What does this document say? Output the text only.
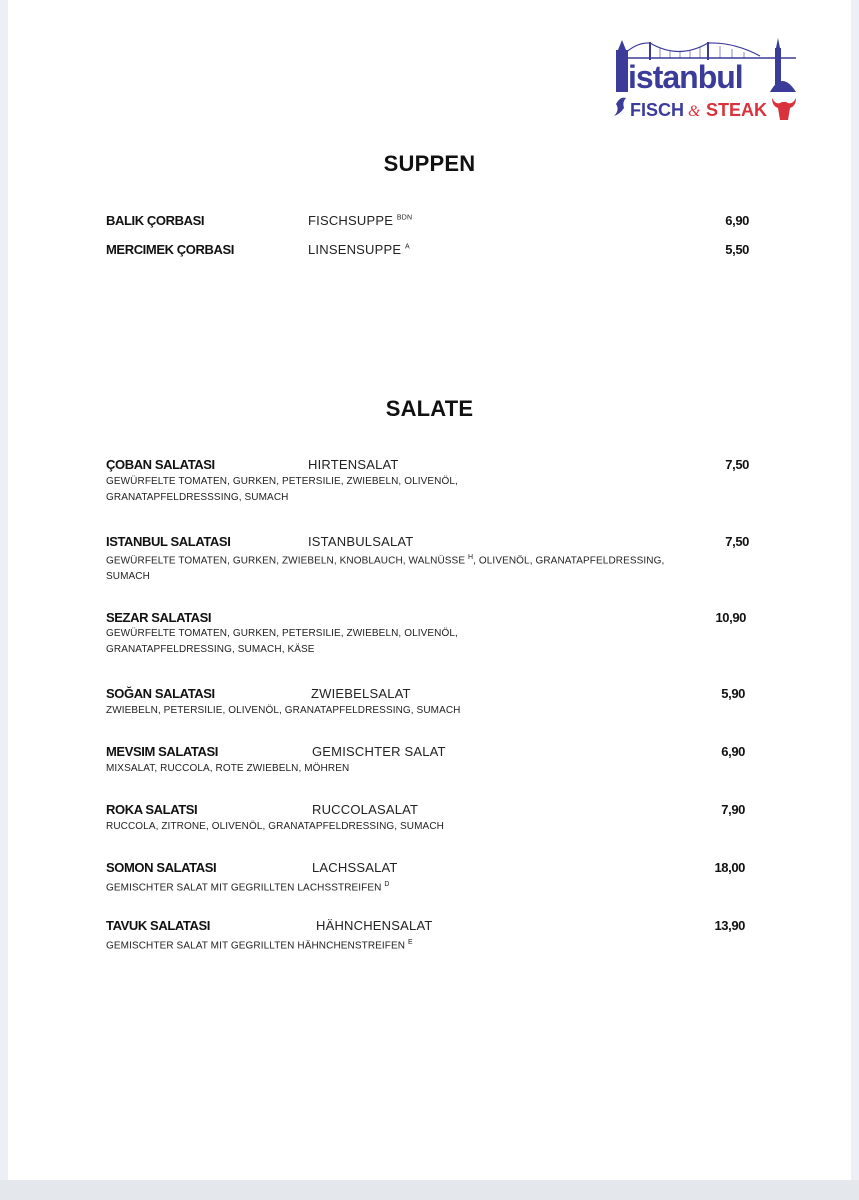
istanbul
FISCH & STEAK
SUPPEN
BALIK ÇORBASI	FISCHSUPPE $^{BDN}$	6,90
MERCIMEK ÇORBASI	LINSENSUPPE $^A$	5,50
SALATE
ÇOBAN SALATASI	HIRTENSALAT	7,50
GEWÜRFELTE TOMATEN, GURKEN, PETERSILIE, ZWIEBELN, OLIVENÖL,
GRANATAPFELDRESSSING, SUMACH
ISTANBUL SALATASI	ISTANBULSALAT	7,50
GEWÜRFELTE TOMATEN, GURKEN, ZWIEBELN, KNOBLAUCH, WALNÜSSE $^H$, OLIVENÖL, GRANATAPFELDRESSING,
SUMACH
SEZAR SALATASI	10,90
GEWÜRFELTE TOMATEN, GURKEN, PETERSILIE, ZWIEBELN, OLIVENÖL,
GRANATAPFELDRESSING, SUMACH, KÄSE
SOĞAN SALATASI	ZWIEBELSALAT	5,90
ZWIEBELN, PETERSILIE, OLIVENÖL, GRANATAPFELDRESSING, SUMACH
MEVSIM SALATASI	GEMISCHTER SALAT	6,90
MIXSALAT, RUCCOLA, ROTE ZWIEBELN, MÖHREN
ROKA SALATSI	RUCCOLASALAT	7,90
RUCCOLA, ZITRONE, OLIVENÖL, GRANATAPFELDRESSING, SUMACH
SOMON SALATASI	LACHSSALAT	18,00
GEMISCHTER SALAT MIT GEGRILLTEN LACHSSTREIFEN $^D$
TAVUK SALATASI	HÄHNCHENSALAT	13,90
GEMISCHTER SALAT MIT GEGRILLTEN HÄHNCHENSTREIFEN $^E$
